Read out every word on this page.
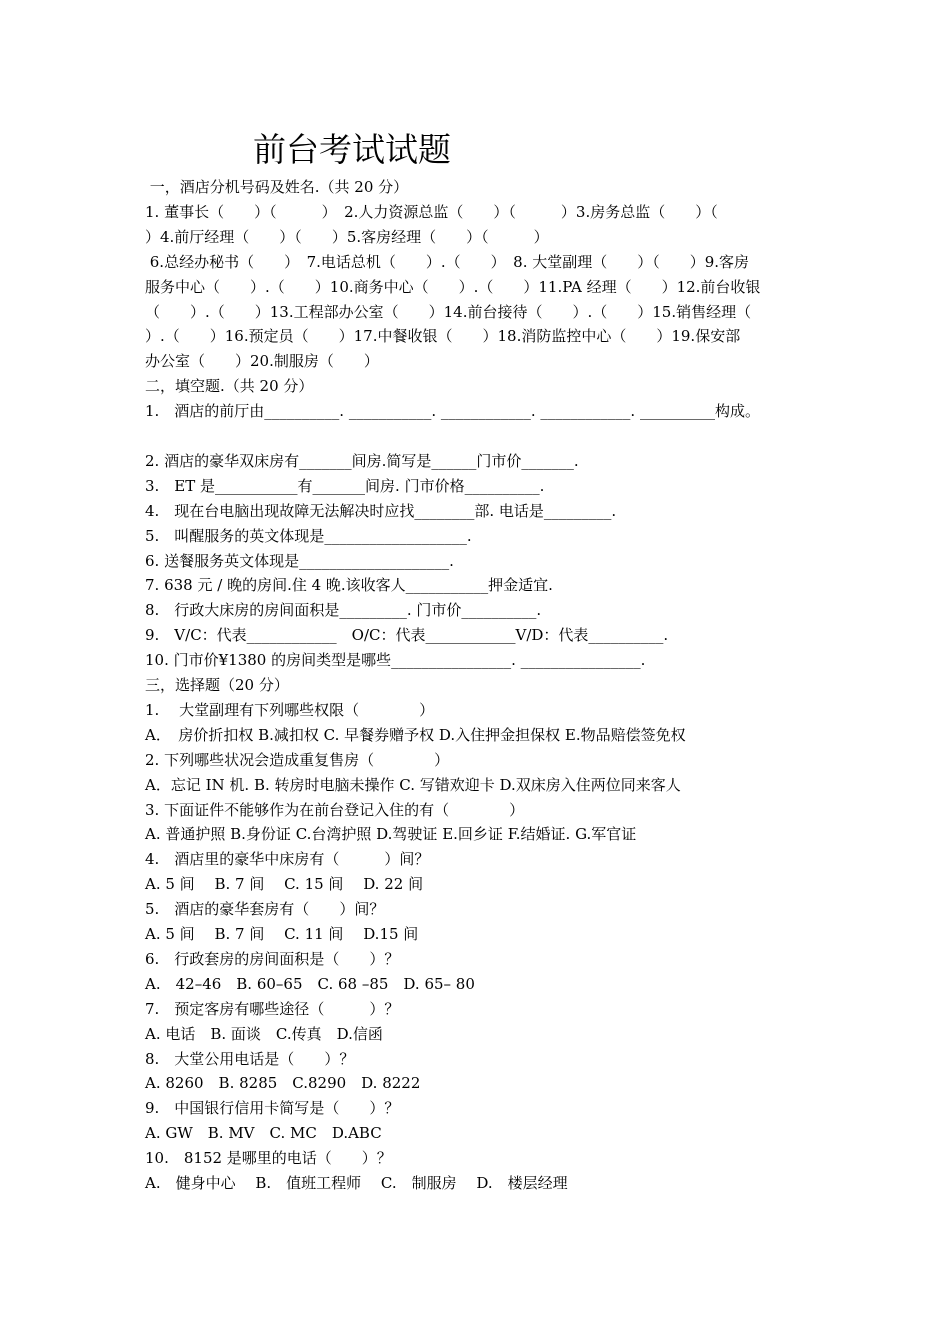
前台考试试题
一，酒店分机号码及姓名.（共 20 分）
1. 董事长（　　）（　　　）　2.人力资源总监（　　）（　　　）3.房务总监（　　）（
）4.前厅经理（　　）（　　）5.客房经理（　　）（　　　）
6.总经办秘书（　　）　7.电话总机（　　）.（　　）　8. 大堂副理（　　）（　　）9.客房
服务中心（　　）.（　　）10.商务中心（　　）.（　　）11.PA 经理（　　）12.前台收银
（　　）.（　　）13.工程部办公室（　　）14.前台接待（　　）.（　　）15.销售经理（
）.（　　）16.预定员（　　）17.中餐收银（　　）18.消防监控中心（　　）19.保安部
办公室（　　）20.制服房（　　）
二，填空题.（共 20 分）
1.　酒店的前厅由__________. ___________. ____________. ____________. __________构成。
2. 酒店的豪华双床房有_______间房.简写是______门市价_______.
3.　ET 是___________有_______间房. 门市价格__________.
4.　现在台电脑出现故障无法解决时应找________部. 电话是_________.
5.　叫醒服务的英文体现是___________________.
6. 送餐服务英文体现是____________________.
7. 638 元 / 晚的房间.住 4 晚.该收客人___________押金适宜.
8.　行政大床房的房间面积是_________. 门市价__________.
9.　V/C：代表____________　O/C：代表____________V/D：代表__________.
10. 门市价¥1380 的房间类型是哪些________________. ________________.
三，选择题（20 分）
1.　 大堂副理有下列哪些权限（　　　　）
A．　房价折扣权 B.减扣权 C. 早餐券赠予权 D.入住押金担保权 E.物品赔偿签免权
2. 下列哪些状况会造成重复售房（　　　　）
A．忘记 IN 机. B. 转房时电脑未操作 C. 写错欢迎卡 D.双床房入住两位同来客人
3. 下面证件不能够作为在前台登记入住的有（　　　　）
A. 普通护照 B.身份证 C.台湾护照 D.驾驶证 E.回乡证 F.结婚证. G.军官证
4.　酒店里的豪华中床房有（　　　）间？
A. 5 间　 B. 7 间　 C. 15 间　 D. 22 间
5.　酒店的豪华套房有（　　）间？
A. 5 间　 B. 7 间　 C. 11 间　 D.15 间
6.　行政套房的房间面积是（　　）？
A.　42–46　B. 60–65　C. 68 –85　D. 65– 80
7.　预定客房有哪些途径（　　　）？
A. 电话　B. 面谈　C.传真　D.信函
8.　大堂公用电话是（　　）？
A. 8260　B. 8285　C.8290　D. 8222
9.　中国银行信用卡简写是（　　）？
A. GW　B. MV　C. MC　D.ABC
10.　8152 是哪里的电话（　　）？
A.　健身中心　 B.　值班工程师　 C.　制服房　 D.　楼层经理
